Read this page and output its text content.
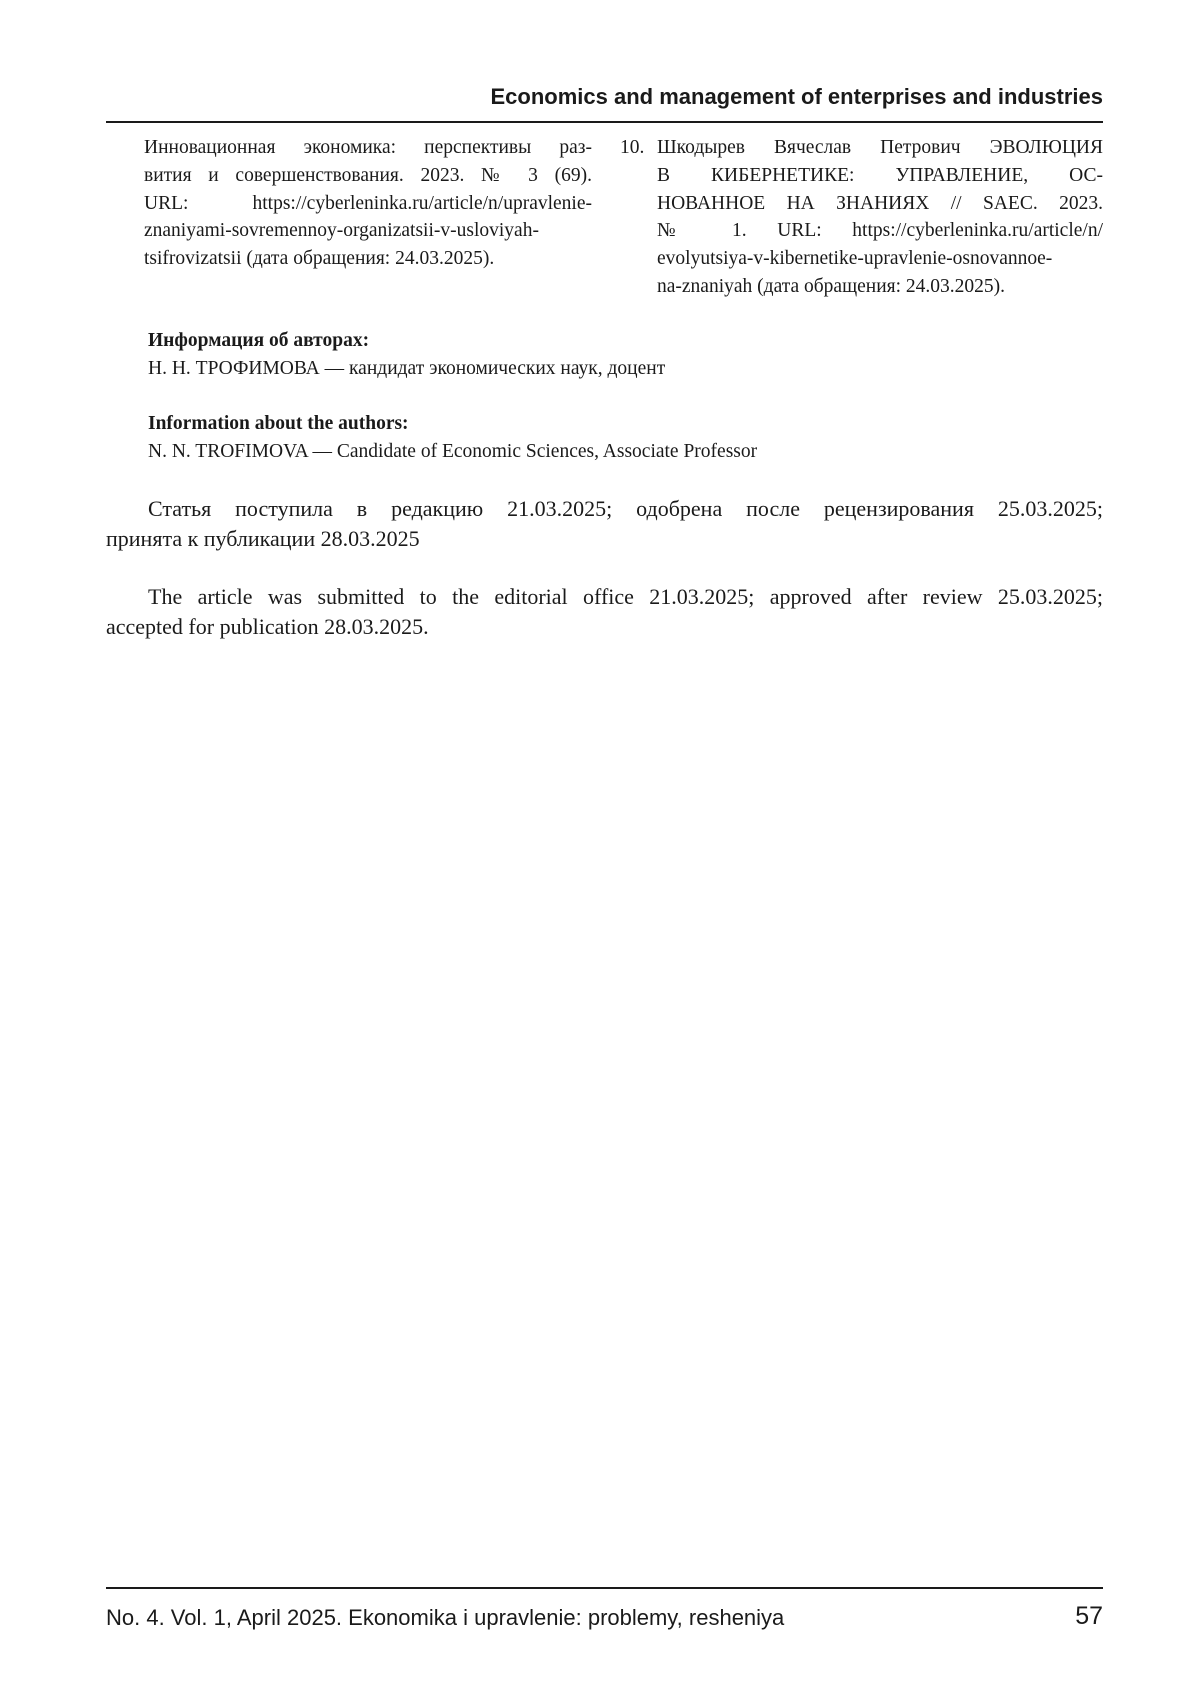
Economics and management of enterprises and industries
Инновационная экономика: перспективы раз-
вития и совершенствования. 2023. № 3 (69).
URL: https://cyberleninka.ru/article/n/upravlenie-
znaniyami-sovremennoy-organizatsii-v-usloviyah-
tsifrovizatsii (дата обращения: 24.03.2025).
10. Шкодырев Вячеслав Петрович ЭВОЛЮЦИЯ
В КИБЕРНЕТИКЕ: УПРАВЛЕНИЕ, ОС-
НОВАННОЕ НА ЗНАНИЯХ // SAEC. 2023.
№ 1. URL: https://cyberleninka.ru/article/n/
evolyutsiya-v-kibernetike-upravlenie-osnovannoe-
na-znaniyah (дата обращения: 24.03.2025).
Информация об авторах:
Н. Н. ТРОФИМОВА — кандидат экономических наук, доцент
Information about the authors:
N. N. TROFIMOVA — Candidate of Economic Sciences, Associate Professor
Статья поступила в редакцию 21.03.2025; одобрена после рецензирования 25.03.2025;
принята к публикации 28.03.2025
The article was submitted to the editorial office 21.03.2025; approved after review 25.03.2025;
accepted for publication 28.03.2025.
No. 4. Vol. 1, April 2025. Ekonomika i upravlenie: problemy, resheniya	57
